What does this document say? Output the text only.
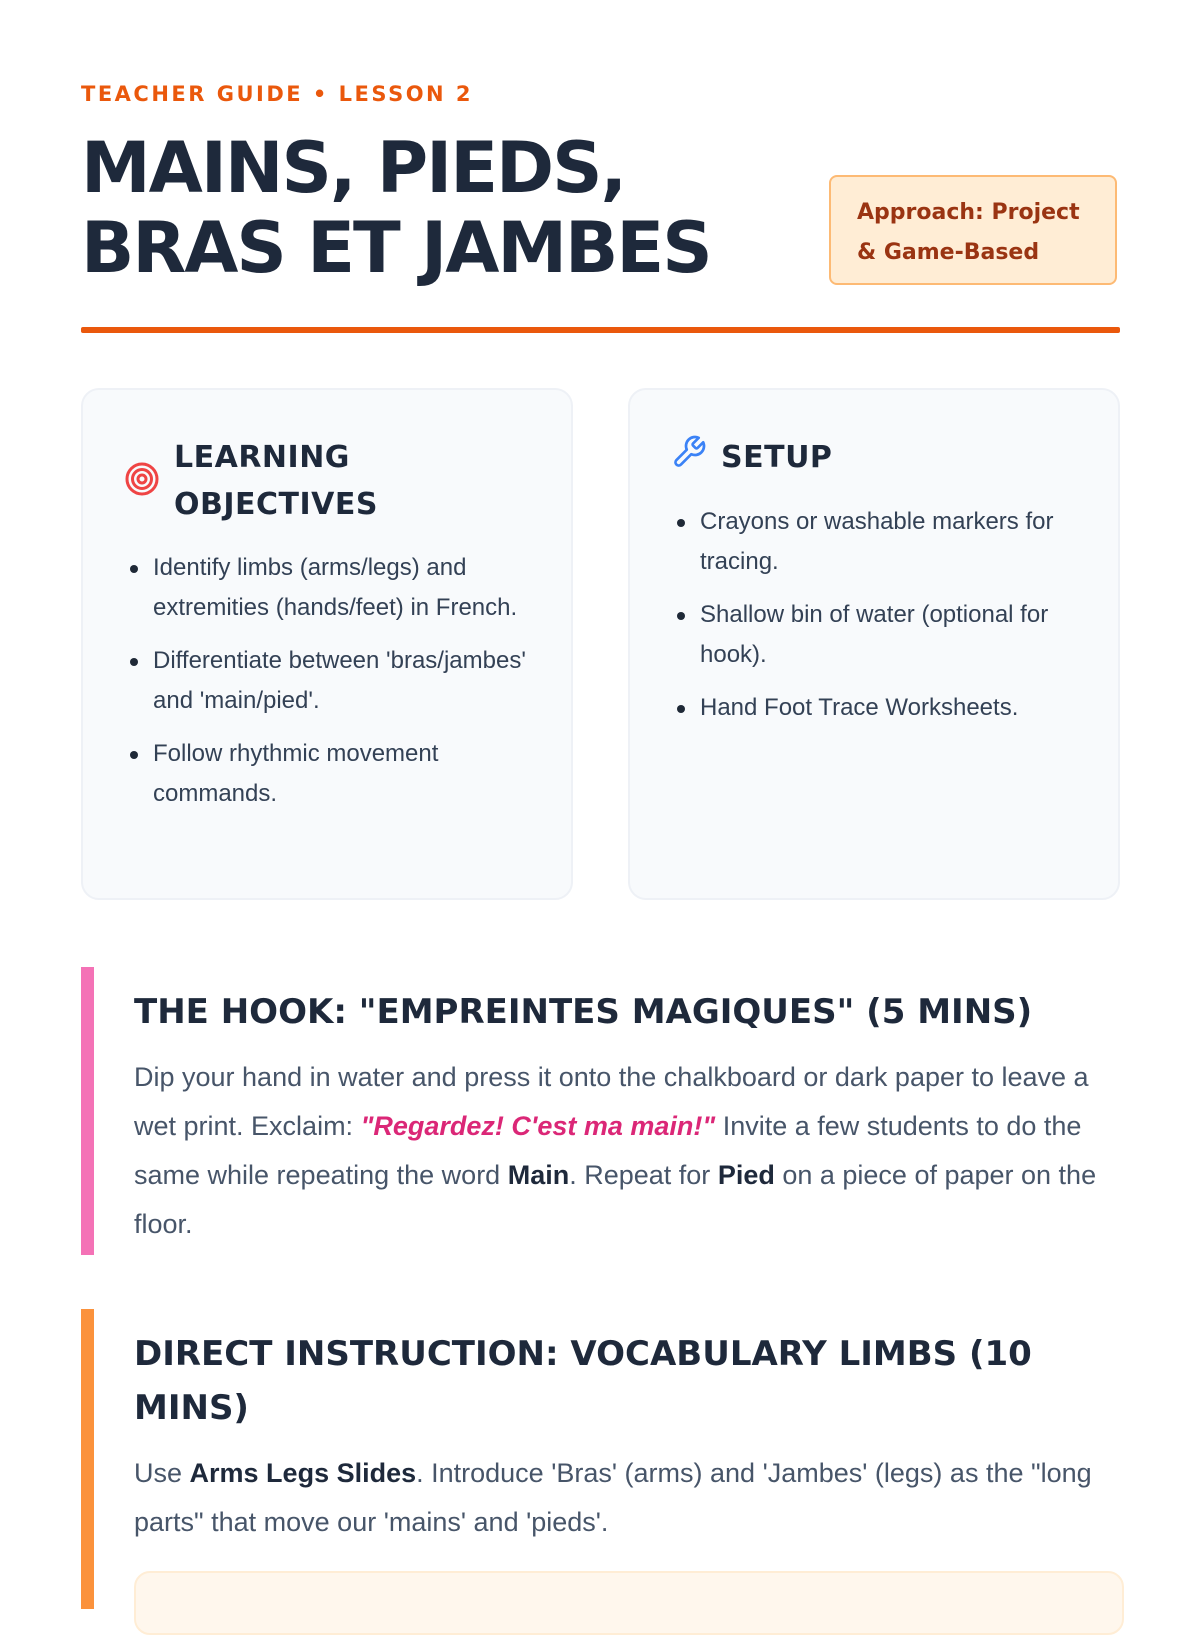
TEACHER GUIDE • LESSON 2
MAINS, PIEDS, BRAS ET JAMBES	Approach: Project & Game-Based
LEARNING OBJECTIVES
Identify limbs (arms/legs) and extremities (hands/feet) in French.
Differentiate between 'bras/jambes' and 'main/pied'.
Follow rhythmic movement commands.
SETUP
Crayons or washable markers for tracing.
Shallow bin of water (optional for hook).
Hand Foot Trace Worksheets.
THE HOOK: "EMPREINTES MAGIQUES" (5 MINS)

Dip your hand in water and press it onto the chalkboard or dark paper to leave a wet print. Exclaim: "Regardez! C'est ma main!" Invite a few students to do the same while repeating the word Main. Repeat for Pied on a piece of paper on the floor.

DIRECT INSTRUCTION: VOCABULARY LIMBS (10 MINS)

Use Arms Legs Slides. Introduce 'Bras' (arms) and 'Jambes' (legs) as the "long parts" that move our 'mains' and 'pieds'.
